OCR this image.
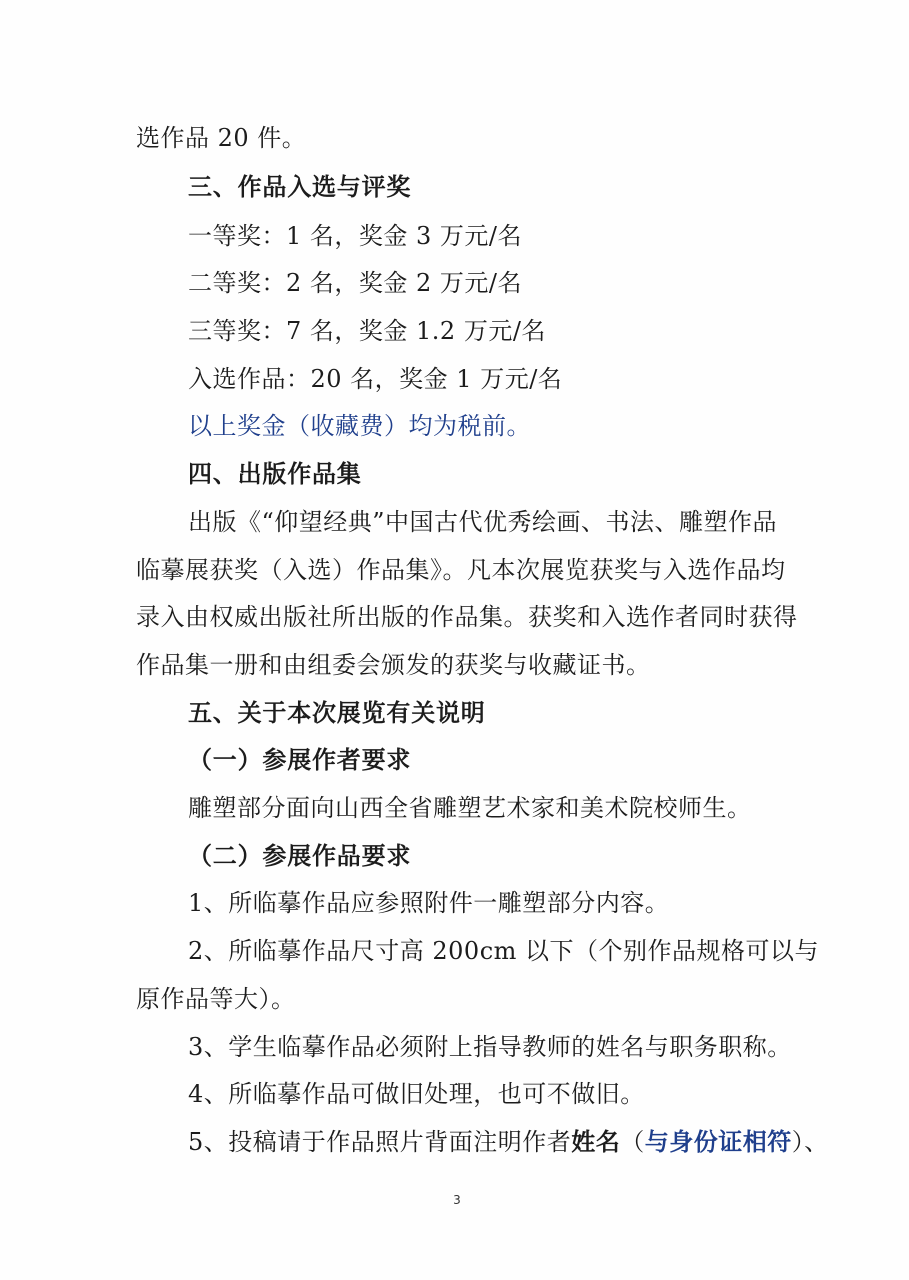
选作品 20 件。
三、作品入选与评奖
一等奖：1 名，奖金 3 万元/名
二等奖：2 名，奖金 2 万元/名
三等奖：7 名，奖金 1.2 万元/名
入选作品：20 名，奖金 1 万元/名
以上奖金（收藏费）均为税前。
四、出版作品集
出版《“仰望经典”中国古代优秀绘画、书法、雕塑作品
临摹展获奖（入选）作品集》。凡本次展览获奖与入选作品均
录入由权威出版社所出版的作品集。获奖和入选作者同时获得
作品集一册和由组委会颁发的获奖与收藏证书。
五、关于本次展览有关说明
（一）参展作者要求
雕塑部分面向山西全省雕塑艺术家和美术院校师生。
（二）参展作品要求
1、所临摹作品应参照附件一雕塑部分内容。
2、所临摹作品尺寸高 200cm 以下（个别作品规格可以与
原作品等大）。
3、学生临摹作品必须附上指导教师的姓名与职务职称。
4、所临摹作品可做旧处理，也可不做旧。
5、投稿请于作品照片背面注明作者姓名（与身份证相符）、
3
